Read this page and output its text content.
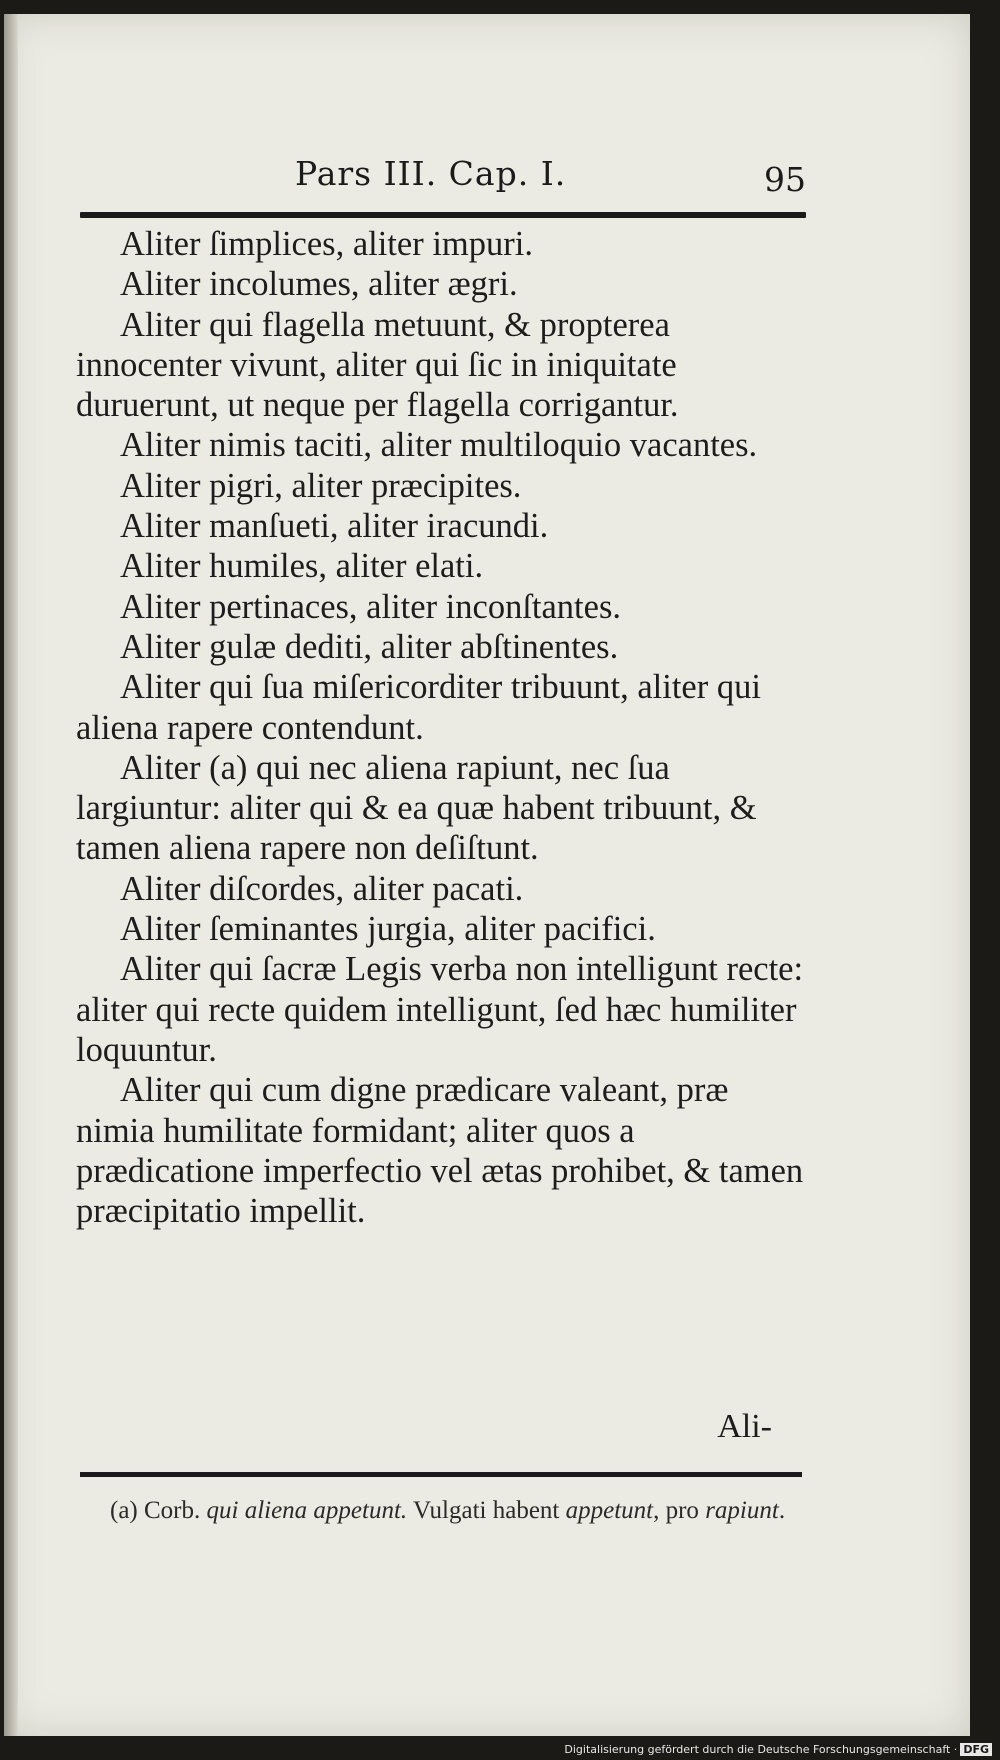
Pars III. Cap. I.	95

Aliter ſimplices, aliter impuri.

Aliter incolumes, aliter ægri.

Aliter qui flagella metuunt, & propterea innocenter vivunt, aliter qui ſic in iniquitate duruerunt, ut neque per flagella corrigantur.

Aliter nimis taciti, aliter multiloquio vacantes.

Aliter pigri, aliter præcipites.

Aliter manſueti, aliter iracundi.

Aliter humiles, aliter elati.

Aliter pertinaces, aliter inconſtantes.

Aliter gulæ dediti, aliter abſtinentes.

Aliter qui ſua miſericorditer tribuunt, aliter qui aliena rapere contendunt.

Aliter (a) qui nec aliena rapiunt, nec ſua largiuntur: aliter qui & ea quæ habent tribuunt, & tamen aliena rapere non deſiſtunt.

Aliter diſcordes, aliter pacati.

Aliter ſeminantes jurgia, aliter pacifici.

Aliter qui ſacræ Legis verba non intelligunt recte: aliter qui recte quidem intelligunt, ſed hæc humiliter loquuntur.

Aliter qui cum digne prædicare valeant, præ nimia humilitate formidant; aliter quos a prædicatione imperfectio vel ætas prohibet, & tamen præcipitatio impellit.

Ali-

(a) Corb. qui aliena appetunt. Vulgati habent appetunt, pro rapiunt.

Digitalisierung gefördert durch die Deutsche Forschungsgemeinschaft · DFG
